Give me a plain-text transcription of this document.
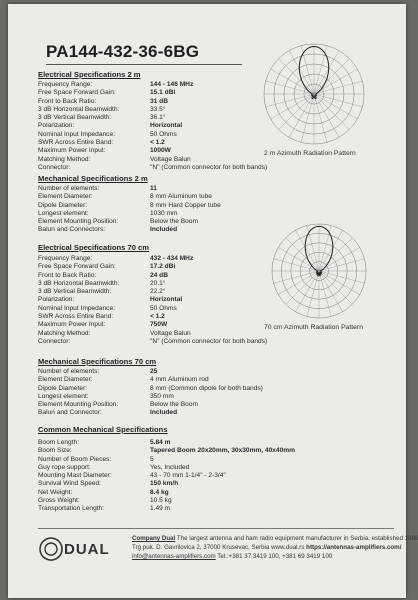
PA144-432-36-6BG
Electrical Specifications 2 m
Frequency Range:	144 - 146 MHz
Free Space Forward Gain:	15.1 dBi
Front to Back Ratio:	31 dB
3 dB Horizontal Beamwidth:	33.5°
3 dB Vertical Beamwidth:	36.1°
Polarization:	Horizontal
Nominal Input Impedance:	50 Ohms
SWR Across Entire Band:	< 1.2
Maximum Power Input:	1000W
Matching Method:	Voltage Balun
Connector:	"N" (Common connector for both bands)
Mechanical Specifications 2 m
Number of elements:	11
Element Diameter:	8 mm Aluminum tube
Dipole Diameter:	8 mm Hard Copper tube
Longest element:	1030 mm
Element Mounting Position:	Below the Boom
Balun and Connectors:	Included
Electrical Specifications 70 cm
Frequency Range:	432 - 434 MHz
Free Space Forward Gain:	17.2 dBi
Front to Back Ratio:	24 dB
3 dB Horizontal Beamwidth:	20.1°
3 dB Vertical Beamwidth:	22.2°
Polarization:	Horizontal
Nominal Input Impedance:	50 Ohms
SWR Across Entire Band:	< 1.2
Maximum Power Input:	750W
Matching Method:	Voltage Balun
Connector:	"N" (Common connector for both bands)
Mechanical Specifications 70 cm
Number of elements:	25
Element Diameter:	4 mm Aluminum rod
Dipole Diameter:	8 mm (Common dipole for both bands)
Longest element:	350 mm
Element Mounting Position:	Below the Boom
Balun and Connector:	Included
Common Mechanical Specifications
Boom Length:	5.84 m
Boom Size:	Tapered Boom 20x20mm, 30x30mm, 40x40mm
Number of Boom Pieces:	5
Guy rope support:	Yes, Included
Mounting Mast Diameter:	43 - 70 mm 1-1/4" - 2-3/4"
Survival Wind Speed:	150 km/h
Net Weight:	8.4 kg
Gross Weight:	10.5 kg
Transportation Length:	1.49 m
2 m Azimuth Radiation Pattern
70 cm Azimuth Radiation Pattern
DUAL
Company Dual The largest antenna and ham radio equipment manufacturer in Serbia, established 1988
Trg puk. D. Gavrilovica 2, 37000 Krusevac, Serbia www.dual.rs https://antennas-amplifiers.com/
info@antennas-amplifiers.com Tel.:+381 37 3419 100, +381 69 3419 100
